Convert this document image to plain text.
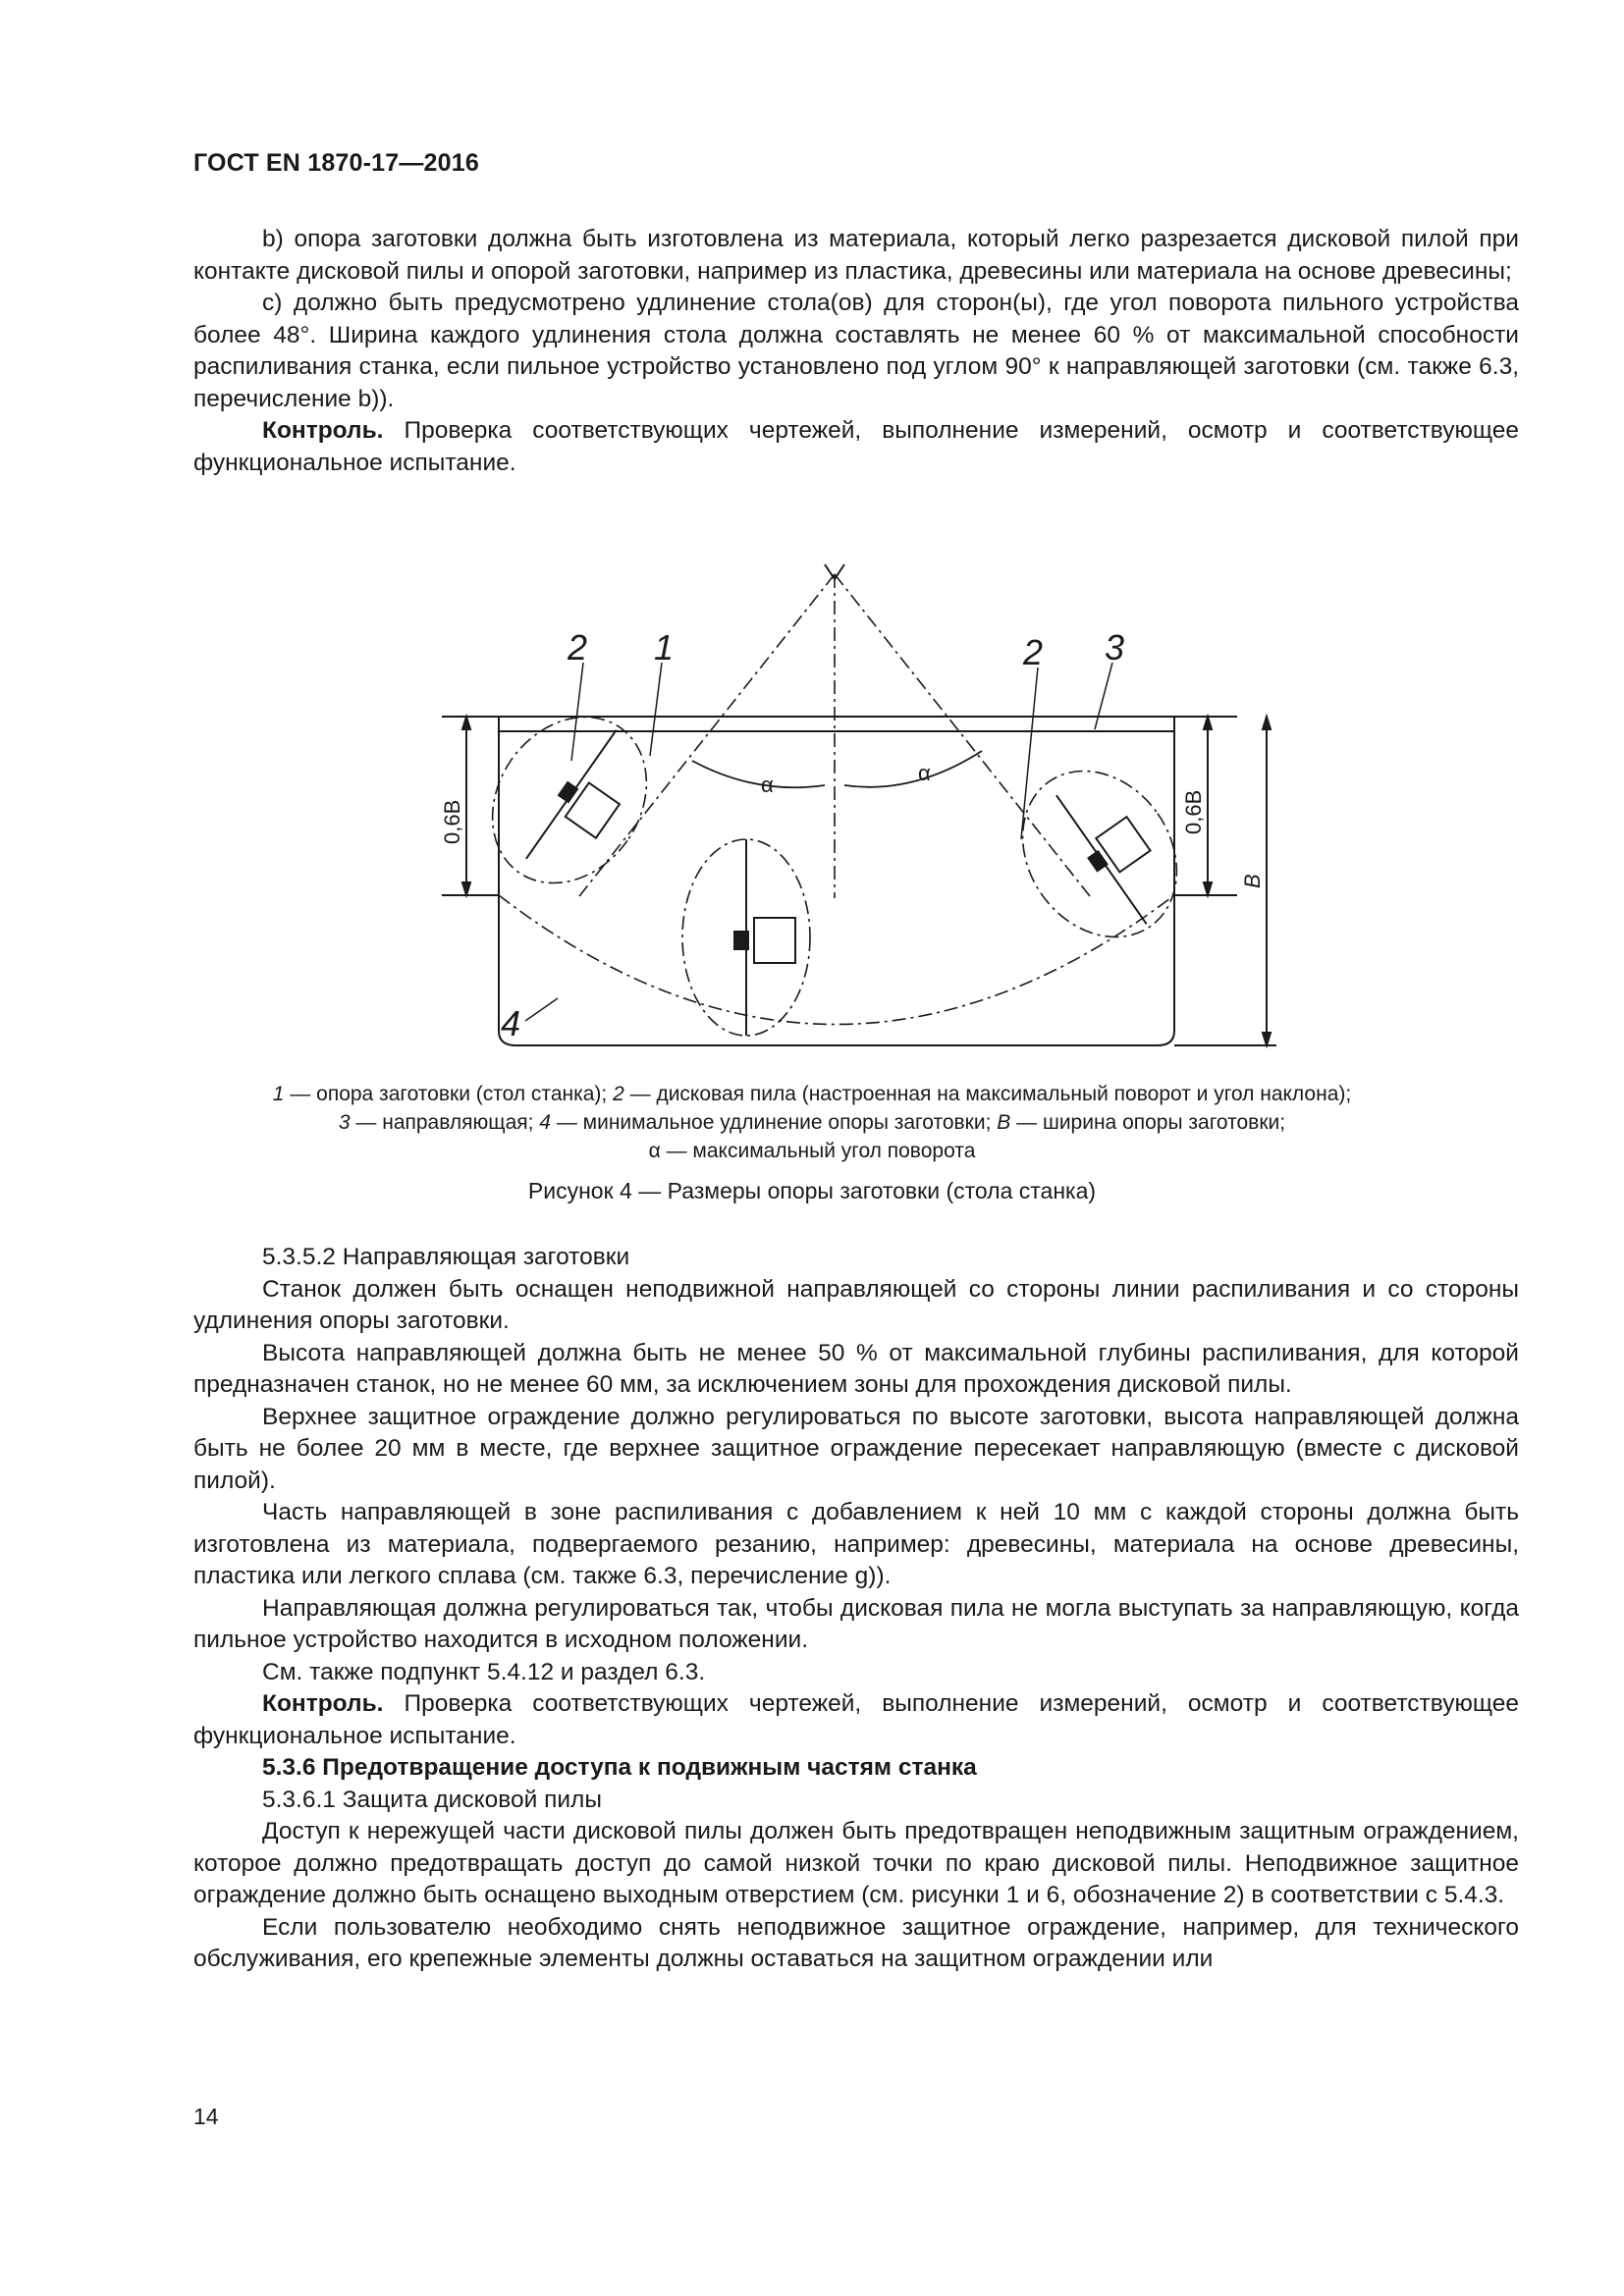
ГОСТ EN 1870-17—2016

b) опора заготовки должна быть изготовлена из материала, который легко разрезается дисковой пилой при контакте дисковой пилы и опорой заготовки, например из пластика, древесины или материала на основе древесины;

c) должно быть предусмотрено удлинение стола(ов) для сторон(ы), где угол поворота пильного устройства более 48°. Ширина каждого удлинения стола должна составлять не менее 60 % от максимальной способности распиливания станка, если пильное устройство установлено под углом 90° к направляющей заготовки (см. также 6.3, перечисление b)).

Контроль. Проверка соответствующих чертежей, выполнение измерений, осмотр и соответствующее функциональное испытание.

2 1	2 3
4
α	α
0,6B	0,6B
B
1 — опора заготовки (стол станка); 2 — дисковая пила (настроенная на максимальный поворот и угол наклона);
3 — направляющая; 4 — минимальное удлинение опоры заготовки; B — ширина опоры заготовки;
α — максимальный угол поворота
Рисунок 4 — Размеры опоры заготовки (стола станка)

5.3.5.2 Направляющая заготовки

Станок должен быть оснащен неподвижной направляющей со стороны линии распиливания и со стороны удлинения опоры заготовки.

Высота направляющей должна быть не менее 50 % от максимальной глубины распиливания, для которой предназначен станок, но не менее 60 мм, за исключением зоны для прохождения дисковой пилы.

Верхнее защитное ограждение должно регулироваться по высоте заготовки, высота направляющей должна быть не более 20 мм в месте, где верхнее защитное ограждение пересекает направляющую (вместе с дисковой пилой).

Часть направляющей в зоне распиливания с добавлением к ней 10 мм с каждой стороны должна быть изготовлена из материала, подвергаемого резанию, например: древесины, материала на основе древесины, пластика или легкого сплава (см. также 6.3, перечисление g)).

Направляющая должна регулироваться так, чтобы дисковая пила не могла выступать за направляющую, когда пильное устройство находится в исходном положении.

См. также подпункт 5.4.12 и раздел 6.3.

Контроль. Проверка соответствующих чертежей, выполнение измерений, осмотр и соответствующее функциональное испытание.

5.3.6 Предотвращение доступа к подвижным частям станка

5.3.6.1 Защита дисковой пилы

Доступ к нережущей части дисковой пилы должен быть предотвращен неподвижным защитным ограждением, которое должно предотвращать доступ до самой низкой точки по краю дисковой пилы. Неподвижное защитное ограждение должно быть оснащено выходным отверстием (см. рисунки 1 и 6, обозначение 2) в соответствии с 5.4.3.

Если пользователю необходимо снять неподвижное защитное ограждение, например, для технического обслуживания, его крепежные элементы должны оставаться на защитном ограждении или

14
